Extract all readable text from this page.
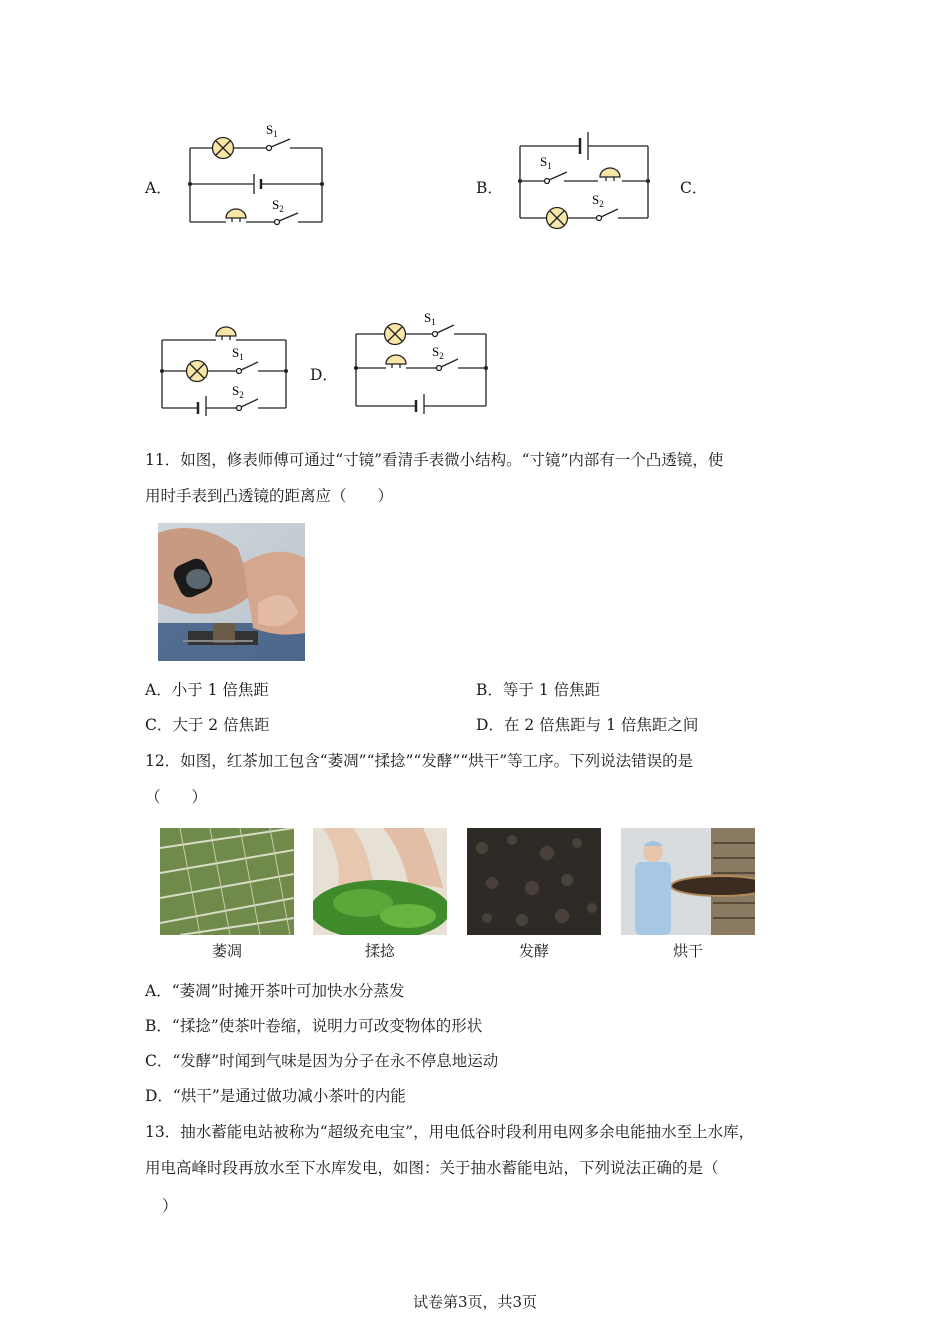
A．
$S_1$
$S_2$
B．
$S_1$
$S_2$
C．
$S_1$
$S_2$
D．
$S_1$
$S_2$
11．如图，修表师傅可通过“寸镜”看清手表微小结构。“寸镜”内部有一个凸透镜，使
用时手表到凸透镜的距离应（　　）
A．小于 1 倍焦距	B．等于 1 倍焦距
C．大于 2 倍焦距	D．在 2 倍焦距与 1 倍焦距之间
12．如图，红茶加工包含“萎凋”“揉捻”“发酵”“烘干”等工序。下列说法错误的是
（　　）
萎凋	揉捻	发酵	烘干
A．“萎凋”时摊开茶叶可加快水分蒸发
B．“揉捻”使茶叶卷缩，说明力可改变物体的形状
C．“发酵”时闻到气味是因为分子在永不停息地运动
D．“烘干”是通过做功减小茶叶的内能
13．抽水蓄能电站被称为“超级充电宝”，用电低谷时段利用电网多余电能抽水至上水库，
用电高峰时段再放水至下水库发电，如图：关于抽水蓄能电站，下列说法正确的是（
）
试卷第3页，共3页
